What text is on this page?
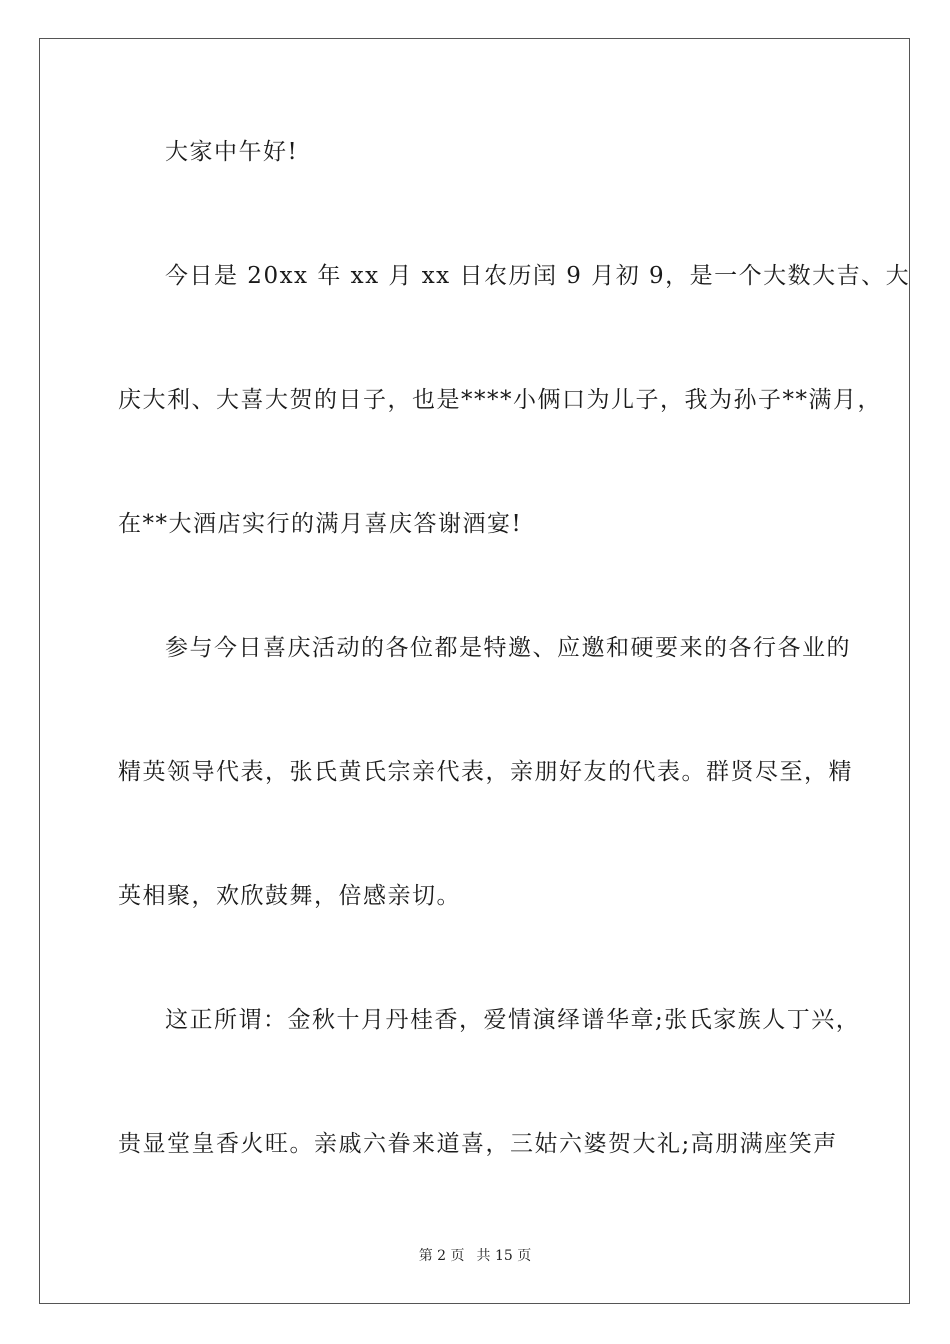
大家中午好!
今日是 20xx 年 xx 月 xx 日农历闰 9 月初 9，是一个大数大吉、大
庆大利、大喜大贺的日子，也是****小俩口为儿子，我为孙子**满月，
在**大酒店实行的满月喜庆答谢酒宴!
参与今日喜庆活动的各位都是特邀、应邀和硬要来的各行各业的
精英领导代表，张氏黄氏宗亲代表，亲朋好友的代表。群贤尽至，精
英相聚，欢欣鼓舞，倍感亲切。
这正所谓：金秋十月丹桂香，爱情演绎谱华章;张氏家族人丁兴，
贵显堂皇香火旺。亲戚六眷来道喜，三姑六婆贺大礼;高朋满座笑声
第 2 页 共 15 页
